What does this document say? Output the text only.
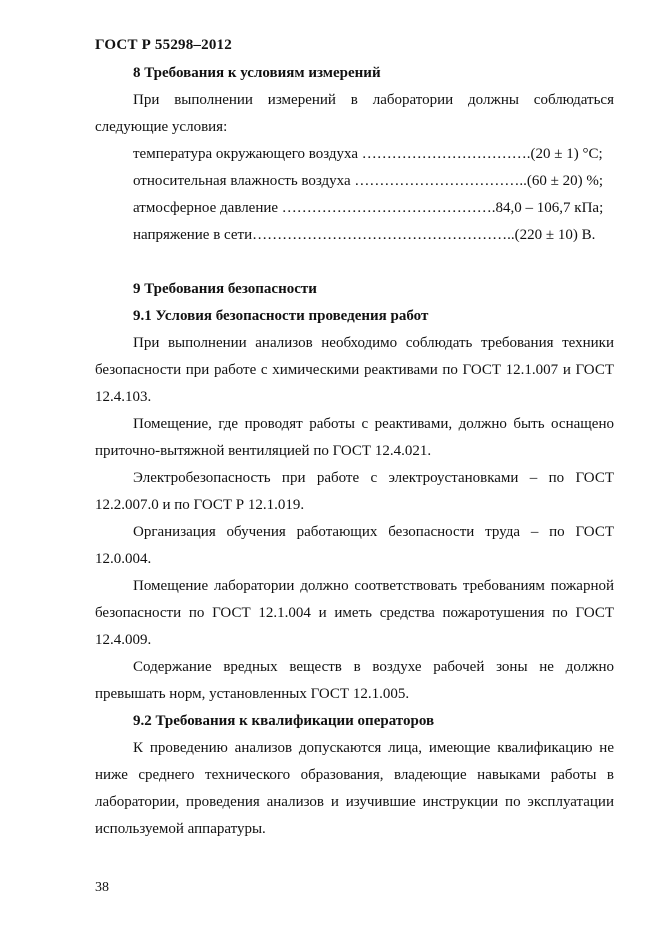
ГОСТ Р 55298–2012

8 Требования к условиям измерений

При выполнении измерений в лаборатории должны соблюдаться следующие условия:

температура окружающего воздуха …………………………….(20 ± 1) °С;

относительная влажность воздуха ……………………………..(60 ± 20) %;

атмосферное давление …………………………………….84,0 – 106,7 кПа;

напряжение в сети……………………………………………..(220 ± 10) В.

9 Требования безопасности

9.1 Условия безопасности проведения работ

При выполнении анализов необходимо соблюдать требования техники безопасности при работе с химическими реактивами по ГОСТ 12.1.007 и ГОСТ 12.4.103.

Помещение, где проводят работы с реактивами, должно быть оснащено приточно-вытяжной вентиляцией по ГОСТ 12.4.021.

Электробезопасность при работе с электроустановками – по ГОСТ 12.2.007.0 и по ГОСТ Р 12.1.019.

Организация обучения работающих безопасности труда – по ГОСТ 12.0.004.

Помещение лаборатории должно соответствовать требованиям пожарной безопасности по ГОСТ 12.1.004 и иметь средства пожаротушения по ГОСТ 12.4.009.

Содержание вредных веществ в воздухе рабочей зоны не должно превышать норм, установленных ГОСТ 12.1.005.

9.2 Требования к квалификации операторов

К проведению анализов допускаются лица, имеющие квалификацию не ниже среднего технического образования, владеющие навыками работы в лаборатории, проведения анализов и изучившие инструкции по эксплуатации используемой аппаратуры.

38
